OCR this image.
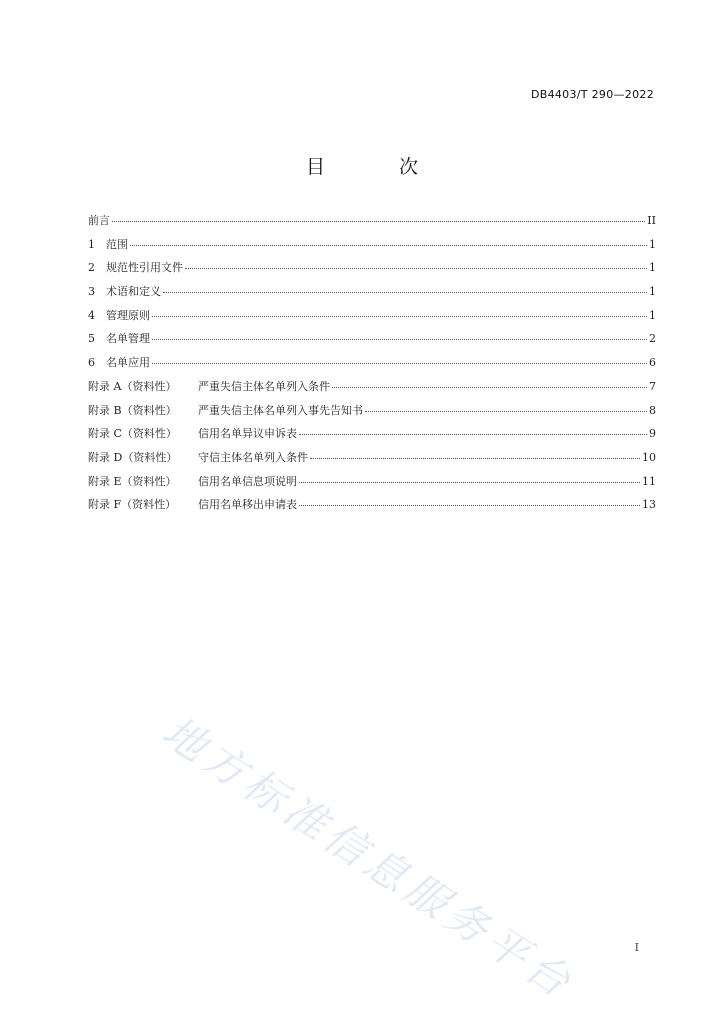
DB4403/T 290—2022
目 次
前言	II
1	范围	1
2	规范性引用文件	1
3	术语和定义	1
4	管理原则	1
5	名单管理	2
6	名单应用	6
附录 A（资料性）	严重失信主体名单列入条件	7
附录 B（资料性）	严重失信主体名单列入事先告知书	8
附录 C（资料性）	信用名单异议申诉表	9
附录 D（资料性）	守信主体名单列入条件	10
附录 E（资料性）	信用名单信息项说明	11
附录 F（资料性）	信用名单移出申请表	13
地方标准信息服务平台	I
